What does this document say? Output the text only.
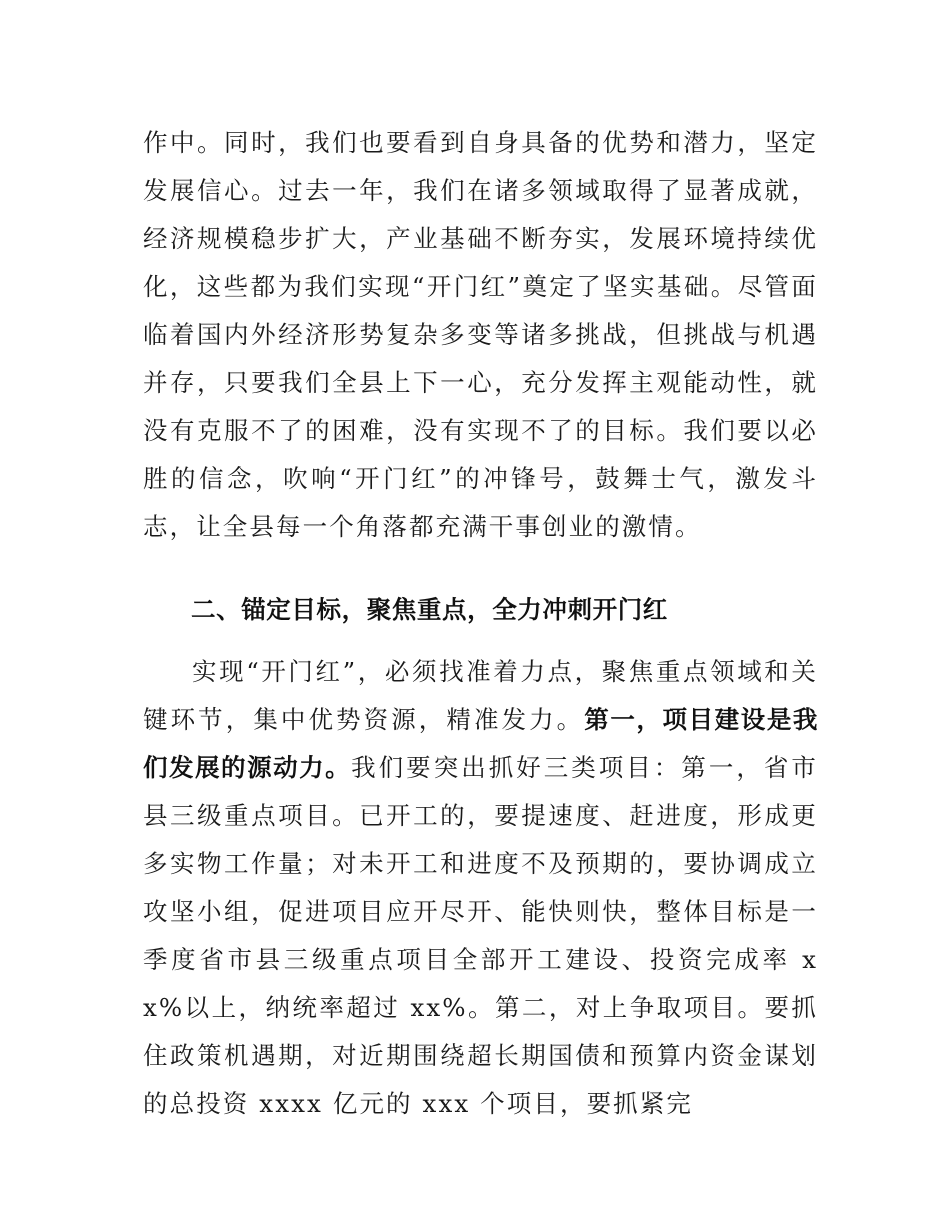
作中。同时，我们也要看到自身具备的优势和潜力，坚定发展信心。过去一年，我们在诸多领域取得了显著成就，经济规模稳步扩大，产业基础不断夯实，发展环境持续优化，这些都为我们实现“开门红”奠定了坚实基础。尽管面临着国内外经济形势复杂多变等诸多挑战，但挑战与机遇并存，只要我们全县上下一心，充分发挥主观能动性，就没有克服不了的困难，没有实现不了的目标。我们要以必胜的信念，吹响“开门红”的冲锋号，鼓舞士气，激发斗志，让全县每一个角落都充满干事创业的激情。

二、锚定目标，聚焦重点，全力冲刺开门红

实现“开门红”，必须找准着力点，聚焦重点领域和关键环节，集中优势资源，精准发力。第一，项目建设是我们发展的源动力。我们要突出抓好三类项目：第一，省市县三级重点项目。已开工的，要提速度、赶进度，形成更多实物工作量；对未开工和进度不及预期的，要协调成立攻坚小组，促进项目应开尽开、能快则快，整体目标是一季度省市县三级重点项目全部开工建设、投资完成率 xx%以上，纳统率超过 xx%。第二，对上争取项目。要抓住政策机遇期，对近期围绕超长期国债和预算内资金谋划的总投资 xxxx 亿元的 xxx 个项目，要抓紧完
